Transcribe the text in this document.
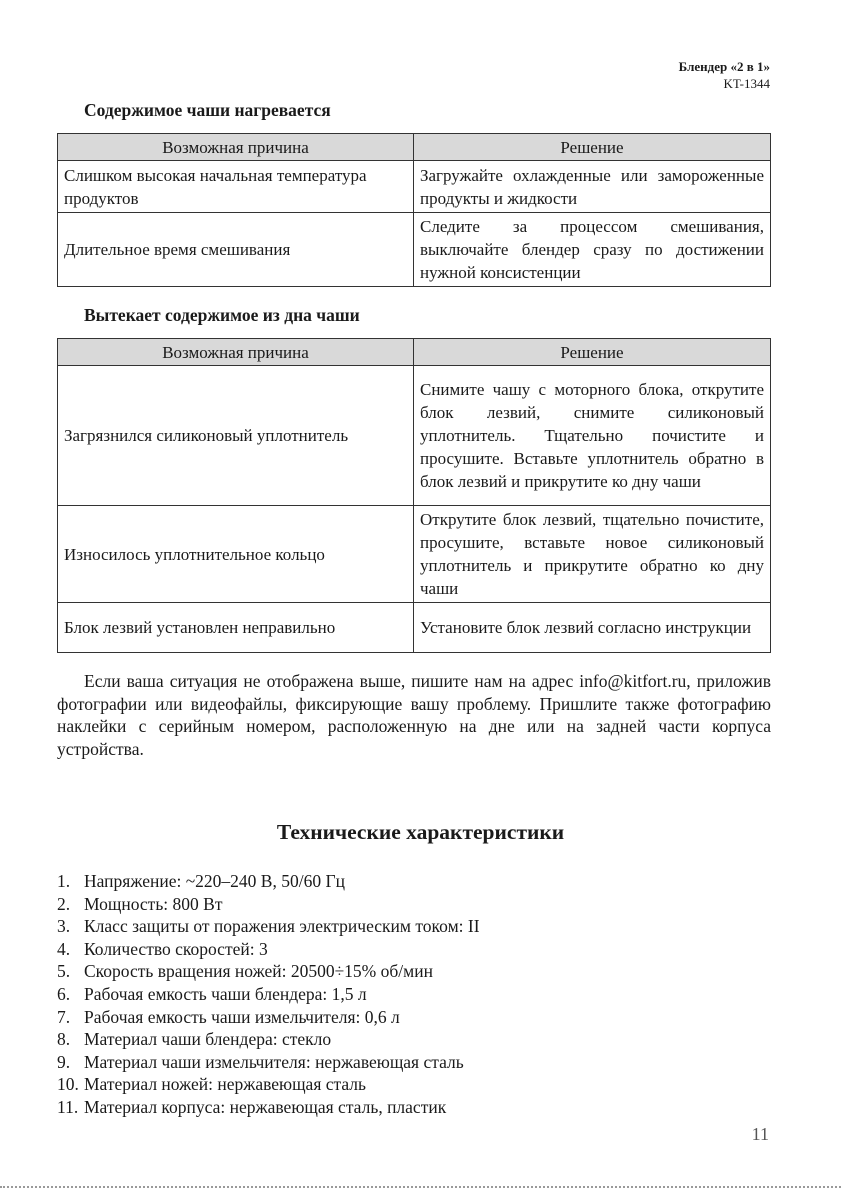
Блендер «2 в 1»
KT-1344
Содержимое чаши нагревается
Возможная причина	Решение
Слишком высокая начальная температура продуктов	Загружайте охлажденные или замороженные продукты и жидкости
Длительное время смешивания	Следите за процессом смешивания, выключайте блендер сразу по достижении нужной консистенции
Вытекает содержимое из дна чаши
Возможная причина	Решение
Загрязнился силиконовый уплотнитель	Снимите чашу с моторного блока, открутите блок лезвий, снимите силиконовый уплотнитель. Тщательно почистите и просушите. Вставьте уплотнитель обратно в блок лезвий и прикрутите ко дну чаши
Износилось уплотнительное кольцо	Открутите блок лезвий, тщательно почистите, просушите, вставьте новое силиконовый уплотнитель и прикрутите обратно ко дну чаши
Блок лезвий установлен неправильно	Установите блок лезвий согласно инструкции
Если ваша ситуация не отображена выше, пишите нам на адрес info@kitfort.ru, приложив фотографии или видеофайлы, фиксирующие вашу проблему. Пришлите также фотографию наклейки с серийным номером, расположенную на дне или на задней части корпуса устройства.
Технические характеристики
1. Напряжение: ~220–240 В, 50/60 Гц
2. Мощность: 800 Вт
3. Класс защиты от поражения электрическим током: II
4. Количество скоростей: 3
5. Скорость вращения ножей: 20500÷15% об/мин
6. Рабочая емкость чаши блендера: 1,5 л
7. Рабочая емкость чаши измельчителя: 0,6 л
8. Материал чаши блендера: стекло
9. Материал чаши измельчителя: нержавеющая сталь
10. Материал ножей: нержавеющая сталь
11. Материал корпуса: нержавеющая сталь, пластик
11
